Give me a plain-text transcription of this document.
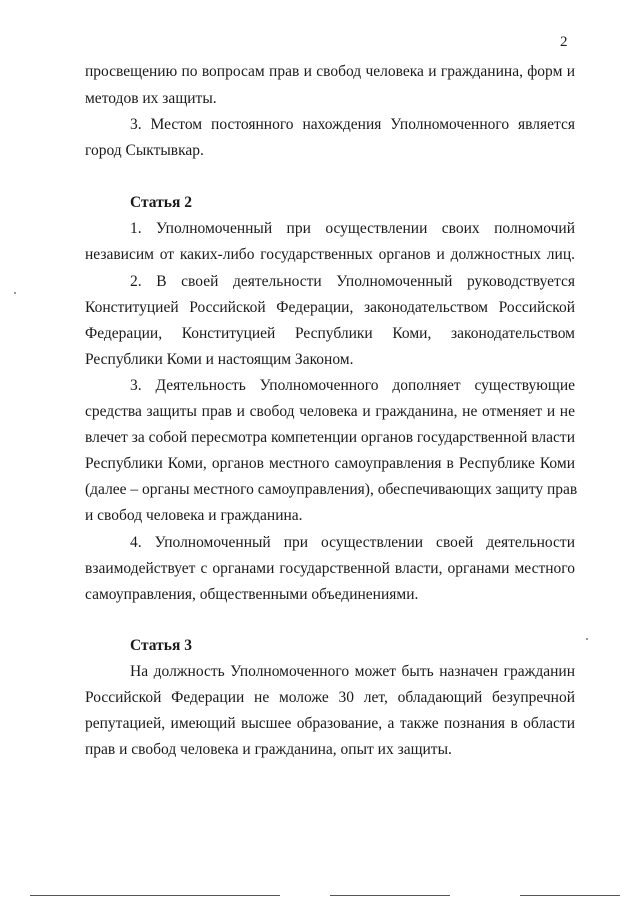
2
просвещению по вопросам прав и свобод человека и гражданина, форм и
методов их защиты.
3. Местом постоянного нахождения Уполномоченного является
город Сыктывкар.
Статья 2
1. Уполномоченный при осуществлении своих полномочий
независим от каких-либо государственных органов и должностных лиц.
2. В своей деятельности Уполномоченный руководствуется
Конституцией Российской Федерации, законодательством Российской
Федерации, Конституцией Республики Коми, законодательством
Республики Коми и настоящим Законом.
3. Деятельность Уполномоченного дополняет существующие
средства защиты прав и свобод человека и гражданина, не отменяет и не
влечет за собой пересмотра компетенции органов государственной власти
Республики Коми, органов местного самоуправления в Республике Коми
(далее – органы местного самоуправления), обеспечивающих защиту прав
и свобод человека и гражданина.
4. Уполномоченный при осуществлении своей деятельности
взаимодействует с органами государственной власти, органами местного
самоуправления, общественными объединениями.
Статья 3
На должность Уполномоченного может быть назначен гражданин
Российской Федерации не моложе 30 лет, обладающий безупречной
репутацией, имеющий высшее образование, а также познания в области
прав и свобод человека и гражданина, опыт их защиты.
